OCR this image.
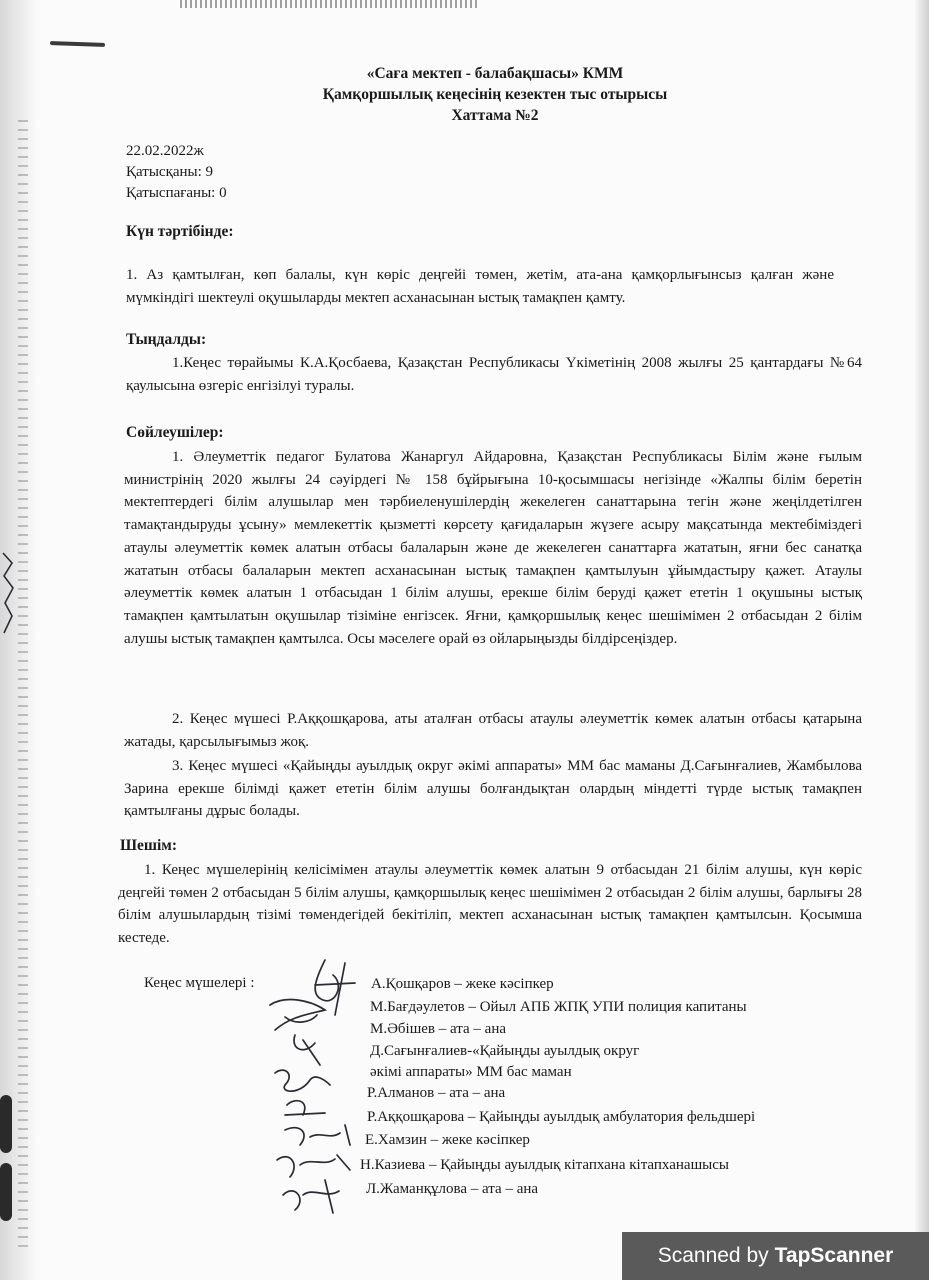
«Сағa мектеп - балабақшасы» КММ
Қамқоршылық кеңесінің кезектен тыс отырысы
Хаттама №2
22.02.2022ж
Қатысқаны: 9
Қатыспағаны: 0
Күн тәртібінде:

1. Аз қамтылған, көп балалы, күн көріс деңгейі төмен, жетім, ата-ана қамқорлығынсыз қалған және мүмкіндігі шектеулі оқушыларды мектеп асханасынан ыстық тамақпен қамту.

Тыңдалды:

1.Кеңес төрайымы К.А.Қосбаева, Қазақстан Республикасы Үкіметінің 2008 жылғы 25 қантардағы №64 қаулысына өзгеріс енгізілуі туралы.

Сөйлеушілер:

1. Әлеуметтік педагог Булатова Жанаргул Айдаровна, Қазақстан Республикасы Білім және ғылым министрінің 2020 жылғы 24 сәуірдегі № 158 бұйрығына 10-қосымшасы негізінде «Жалпы білім беретін мектептердегі білім алушылар мен тәрбиеленушілердің жекелеген санаттарына тегін және жеңілдетілген тамақтандыруды ұсыну» мемлекеттік қызметті көрсету қағидаларын жүзеге асыру мақсатында мектебіміздегі атаулы әлеуметтік көмек алатын отбасы балаларын және де жекелеген санаттарға жататын, яғни бес санатқа жататын отбасы балаларын мектеп асханасынан ыстық тамақпен қамтылуын ұйымдастыру қажет. Атаулы әлеуметтік көмек алатын 1 отбасыдан 1 білім алушы, ерекше білім беруді қажет ететін 1 оқушыны ыстық тамақпен қамтылатын оқушылар тізіміне енгізсек. Яғни, қамқоршылық кеңес шешімімен 2 отбасыдан 2 білім алушы ыстық тамақпен қамтылса. Осы мәселеге орай өз ойларыңызды білдірсеңіздер.

2. Кеңес мүшесі Р.Аққошқарова, аты аталған отбасы атаулы әлеуметтік көмек алатын отбасы қатарына жатады, қарсылығымыз жоқ.

3. Кеңес мүшесі «Қайыңды ауылдық округ әкімі аппараты» ММ бас маманы Д.Сағынғалиев, Жамбылова Зарина ерекше білімді қажет ететін білім алушы болғандықтан олардың міндетті түрде ыстық тамақпен қамтылғаны дұрыс болады.

Шешім:

1. Кеңес мүшелерінің келісімімен атаулы әлеуметтік көмек алатын 9 отбасыдан 21 білім алушы, күн көріс деңгейі төмен 2 отбасыдан 5 білім алушы, қамқоршылық кеңес шешімімен 2 отбасыдан 2 білім алушы, барлығы 28 білім алушылардың тізімі төмендегідей бекітіліп, мектеп асханасынан ыстық тамақпен қамтылсын. Қосымша кестеде.

Кеңес мүшелері :	А.Қошқаров – жеке кәсіпкер
М.Бағдәулетов – Ойыл АПБ ЖПҚ УПИ полиция капитаны
М.Әбішев – ата – ана
Д.Сағынғалиев-«Қайыңды ауылдық округ
әкімі аппараты» ММ бас маман
Р.Алманов – ата – ана
Р.Аққошқарова – Қайыңды ауылдық амбулатория фельдшері
Е.Хамзин – жеке кәсіпкер
Н.Казиева – Қайыңды ауылдық кітапхана кітапханашысы
Л.Жаманқұлова – ата – ана
Scanned by TapScanner
